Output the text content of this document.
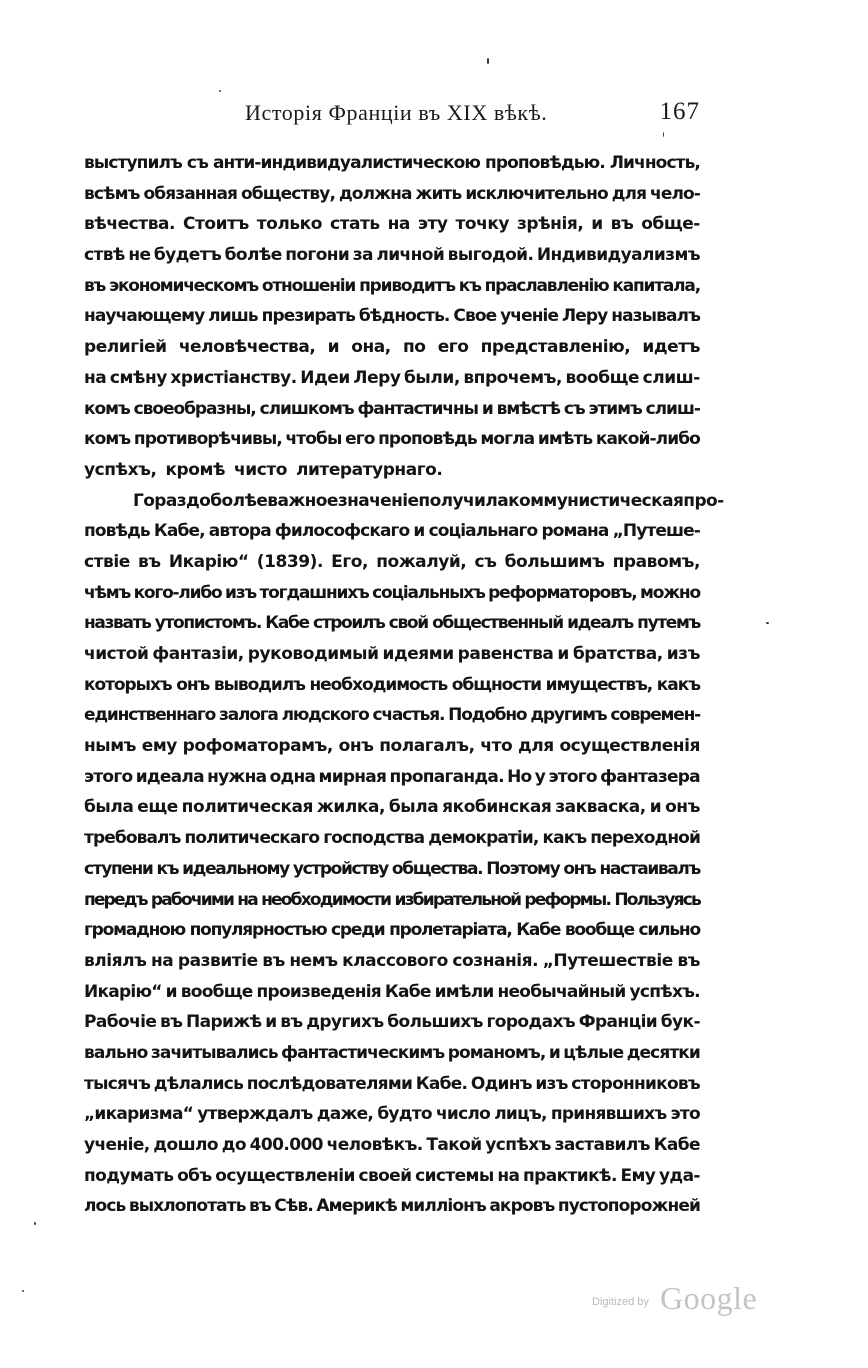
Исторія Франціи въ XIX вѣкѣ.	167
выступилъ съ анти-индивидуалистическою проповѣдью. Личность,
всѣмъ обязанная обществу, должна жить исключительно для чело-
вѣчества. Стоитъ только стать на эту точку зрѣнія, и въ обще-
ствѣ не будетъ болѣе погони за личной выгодой. Индивидуализмъ
въ экономическомъ отношеніи приводитъ къ праславленію капитала,
научающему лишь презирать бѣдность. Свое ученіе Леру называлъ
религіей человѣчества, и она, по его представленію, идетъ
на смѣну христіанству. Идеи Леру были, впрочемъ, вообще слиш-
комъ своеобразны, слишкомъ фантастичны и вмѣстѣ съ этимъ слиш-
комъ противорѣчивы, чтобы его проповѣдь могла имѣть какой-либо
успѣхъ, кромѣ чисто литературнаго.
Гораздо болѣе важное значеніе получила коммунистическая про-
повѣдь Кабе, автора философскаго и соціальнаго романа „Путеше-
ствіе въ Икарію“ (1839). Его, пожалуй, съ большимъ правомъ,
чѣмъ кого-либо изъ тогдашнихъ соціальныхъ реформаторовъ, можно
назвать утопистомъ. Кабе строилъ свой общественный идеалъ путемъ
чистой фантазіи, руководимый идеями равенства и братства, изъ
которыхъ онъ выводилъ необходимость общности имуществъ, какъ
единственнаго залога людского счастья. Подобно другимъ современ-
нымъ ему рофоматорамъ, онъ полагалъ, что для осуществленія
этого идеала нужна одна мирная пропаганда. Но у этого фантазера
была еще политическая жилка, была якобинская закваска, и онъ
требовалъ политическаго господства демократіи, какъ переходной
ступени къ идеальному устройству общества. Поэтому онъ настаивалъ
передъ рабочими на необходимости избирательной реформы. Пользуясь
громадною популярностью среди пролетаріата, Кабе вообще сильно
вліялъ на развитіе въ немъ классового сознанія. „Путешествіе въ
Икарію“ и вообще произведенія Кабе имѣли необычайный успѣхъ.
Рабочіе въ Парижѣ и въ другихъ большихъ городахъ Франціи бук-
вально зачитывались фантастическимъ романомъ, и цѣлые десятки
тысячъ дѣлались послѣдователями Кабе. Одинъ изъ сторонниковъ
„икаризма“ утверждалъ даже, будто число лицъ, принявшихъ это
ученіе, дошло до 400.000 человѣкъ. Такой успѣхъ заставилъ Кабе
подумать объ осуществленіи своей системы на практикѣ. Ему уда-
лось выхлопотать въ Сѣв. Америкѣ милліонъ акровъ пустопорожней
Digitized by Google
